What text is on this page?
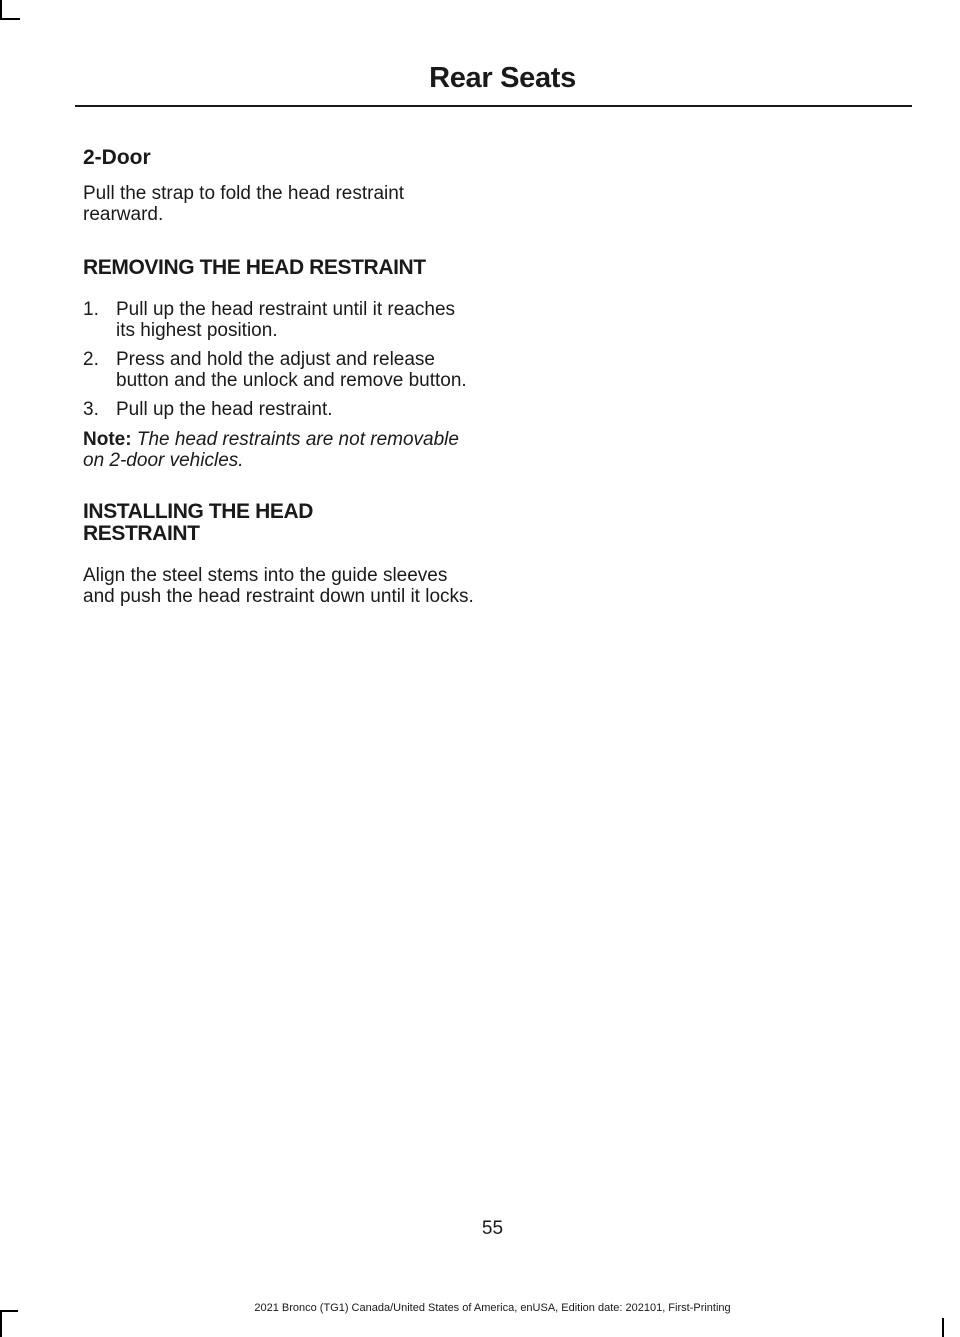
Rear Seats
2-Door

Pull the strap to fold the head restraint rearward.

REMOVING THE HEAD RESTRAINT
1. Pull up the head restraint until it reaches its highest position.
2. Press and hold the adjust and release button and the unlock and remove button.
3. Pull up the head restraint.

Note: The head restraints are not removable on 2-door vehicles.

INSTALLING THE HEAD RESTRAINT

Align the steel stems into the guide sleeves and push the head restraint down until it locks.

55

2021 Bronco (TG1) Canada/United States of America, enUSA, Edition date: 202101, First-Printing
